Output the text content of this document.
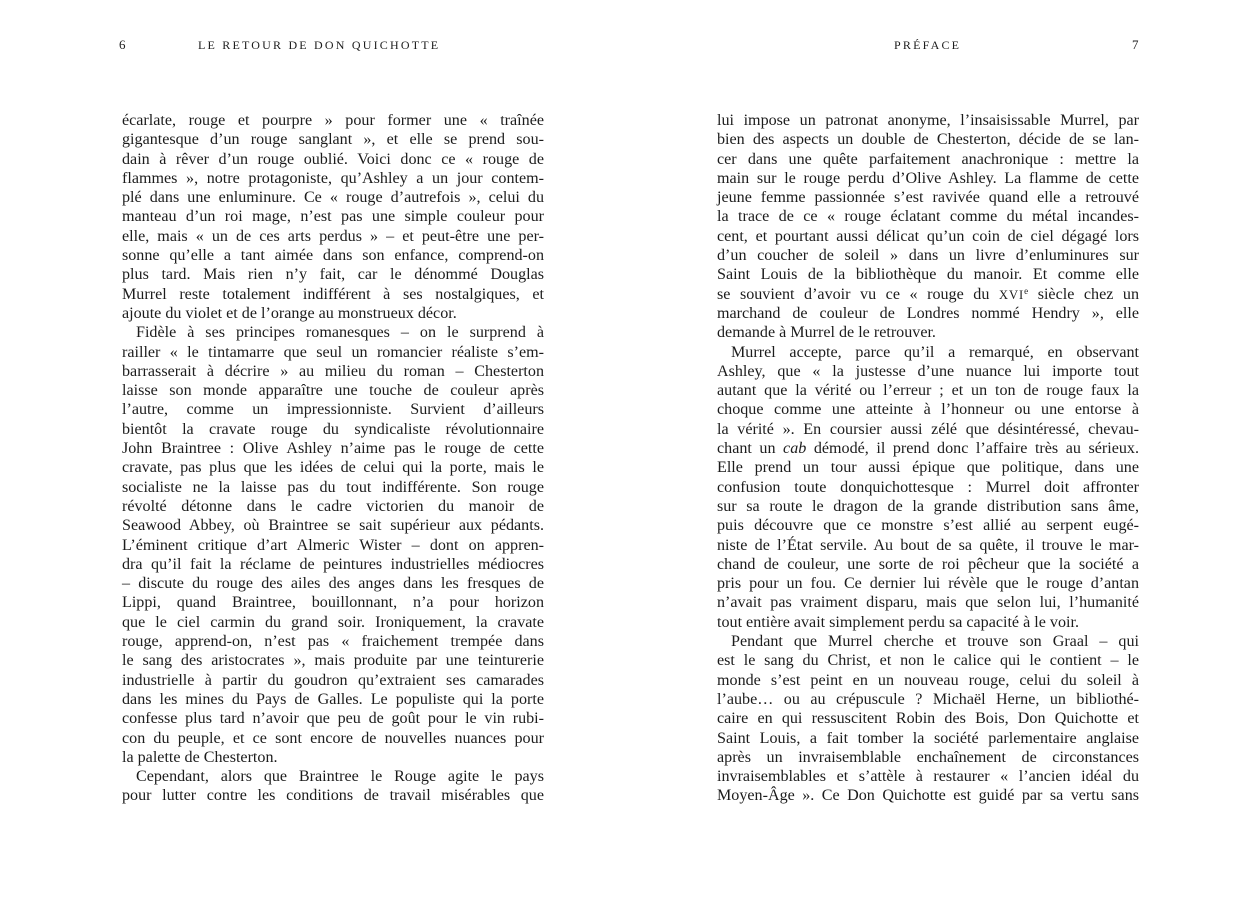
6	LE RETOUR DE DON QUICHOTTE
écarlate, rouge et pourpre » pour former une « traînée
gigantesque d’un rouge sanglant », et elle se prend sou-
dain à rêver d’un rouge oublié. Voici donc ce « rouge de
flammes », notre protagoniste, qu’Ashley a un jour contem-
plé dans une enluminure. Ce « rouge d’autrefois », celui du
manteau d’un roi mage, n’est pas une simple couleur pour
elle, mais « un de ces arts perdus » – et peut-être une per-
sonne qu’elle a tant aimée dans son enfance, comprend-on
plus tard. Mais rien n’y fait, car le dénommé Douglas
Murrel reste totalement indifférent à ses nostalgiques, et
ajoute du violet et de l’orange au monstrueux décor.
Fidèle à ses principes romanesques – on le surprend à
railler « le tintamarre que seul un romancier réaliste s’em-
barrasserait à décrire » au milieu du roman – Chesterton
laisse son monde apparaître une touche de couleur après
l’autre, comme un impressionniste. Survient d’ailleurs
bientôt la cravate rouge du syndicaliste révolutionnaire
John Braintree : Olive Ashley n’aime pas le rouge de cette
cravate, pas plus que les idées de celui qui la porte, mais le
socialiste ne la laisse pas du tout indifférente. Son rouge
révolté détonne dans le cadre victorien du manoir de
Seawood Abbey, où Braintree se sait supérieur aux pédants.
L’éminent critique d’art Almeric Wister – dont on appren-
dra qu’il fait la réclame de peintures industrielles médiocres
– discute du rouge des ailes des anges dans les fresques de
Lippi, quand Braintree, bouillonnant, n’a pour horizon
que le ciel carmin du grand soir. Ironiquement, la cravate
rouge, apprend-on, n’est pas « fraichement trempée dans
le sang des aristocrates », mais produite par une teinturerie
industrielle à partir du goudron qu’extraient ses camarades
dans les mines du Pays de Galles. Le populiste qui la porte
confesse plus tard n’avoir que peu de goût pour le vin rubi-
con du peuple, et ce sont encore de nouvelles nuances pour
la palette de Chesterton.
Cependant, alors que Braintree le Rouge agite le pays
pour lutter contre les conditions de travail misérables que
PRÉFACE	7
lui impose un patronat anonyme, l’insaisissable Murrel, par
bien des aspects un double de Chesterton, décide de se lan-
cer dans une quête parfaitement anachronique : mettre la
main sur le rouge perdu d’Olive Ashley. La flamme de cette
jeune femme passionnée s’est ravivée quand elle a retrouvé
la trace de ce « rouge éclatant comme du métal incandes-
cent, et pourtant aussi délicat qu’un coin de ciel dégagé lors
d’un coucher de soleil » dans un livre d’enluminures sur
Saint Louis de la bibliothèque du manoir. Et comme elle
se souvient d’avoir vu ce « rouge du XVIe siècle chez un
marchand de couleur de Londres nommé Hendry », elle
demande à Murrel de le retrouver.
Murrel accepte, parce qu’il a remarqué, en observant
Ashley, que « la justesse d’une nuance lui importe tout
autant que la vérité ou l’erreur ; et un ton de rouge faux la
choque comme une atteinte à l’honneur ou une entorse à
la vérité ». En coursier aussi zélé que désintéressé, chevau-
chant un cab démodé, il prend donc l’affaire très au sérieux.
Elle prend un tour aussi épique que politique, dans une
confusion toute donquichottesque : Murrel doit affronter
sur sa route le dragon de la grande distribution sans âme,
puis découvre que ce monstre s’est allié au serpent eugé-
niste de l’État servile. Au bout de sa quête, il trouve le mar-
chand de couleur, une sorte de roi pêcheur que la société a
pris pour un fou. Ce dernier lui révèle que le rouge d’antan
n’avait pas vraiment disparu, mais que selon lui, l’humanité
tout entière avait simplement perdu sa capacité à le voir.
Pendant que Murrel cherche et trouve son Graal – qui
est le sang du Christ, et non le calice qui le contient – le
monde s’est peint en un nouveau rouge, celui du soleil à
l’aube… ou au crépuscule ? Michaël Herne, un bibliothé-
caire en qui ressuscitent Robin des Bois, Don Quichotte et
Saint Louis, a fait tomber la société parlementaire anglaise
après un invraisemblable enchaînement de circonstances
invraisemblables et s’attèle à restaurer « l’ancien idéal du
Moyen-Âge ». Ce Don Quichotte est guidé par sa vertu sans
